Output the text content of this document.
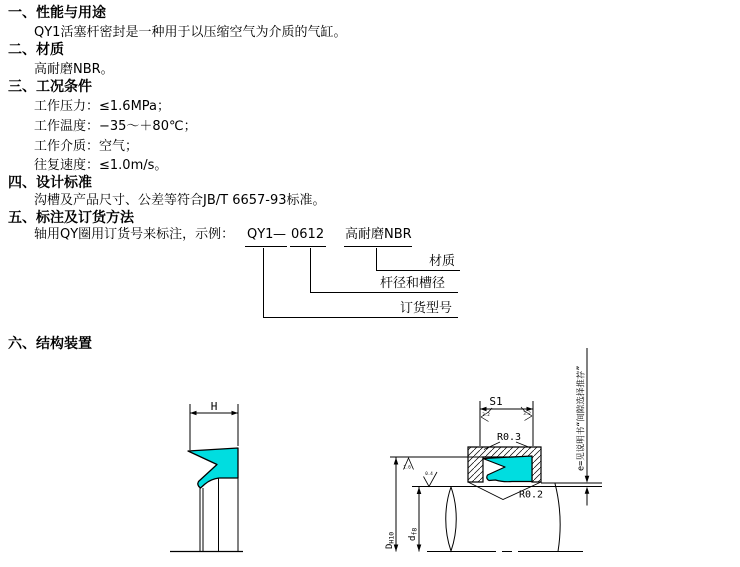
一、性能与用途
QY1活塞杆密封是一种用于以压缩空气为介质的气缸。
二、材质
高耐磨NBR。
三、工况条件
工作压力：≤1.6MPa；
工作温度：−35～＋80℃；
工作介质：空气；
往复速度：≤1.0m/s。
四、设计标准
沟槽及产品尺寸、公差等符合JB/T 6657-93标准。
五、标注及订货方法
轴用QY圈用订货号来标注，示例： QY1 — 0612 高耐磨NBR
材质
杆径和槽径
订货型号
六、结构装置
H	S1
3.2	3.2
R0.3
R0.2
DH10 df8
e=见说明书“间隙选择推荐”
1.6
0.4
